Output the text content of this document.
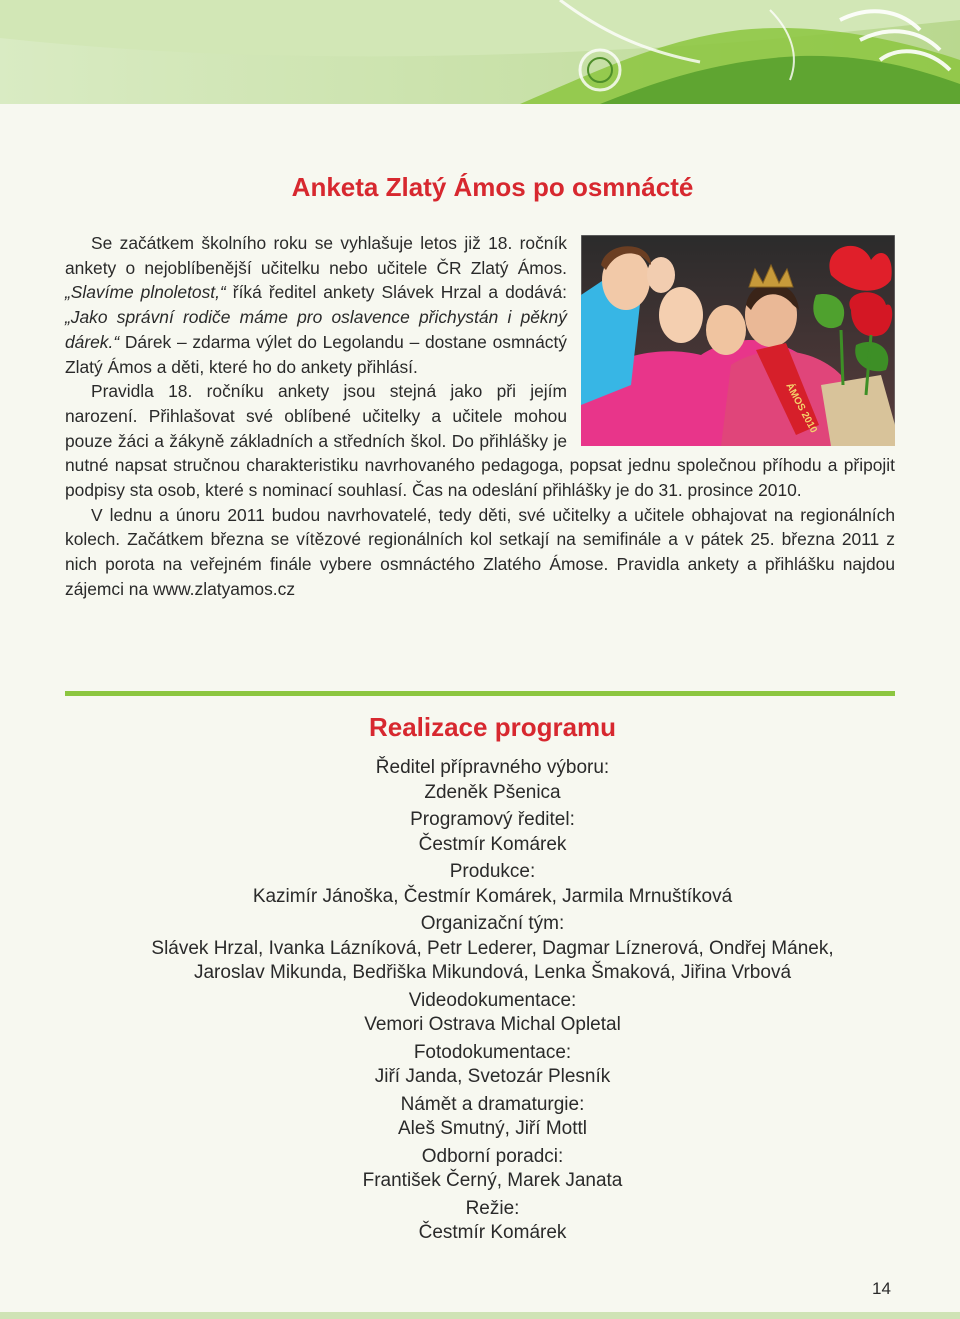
Anketa Zlatý Ámos po osmnácté
ÁMOS 2010

Se začátkem školního roku se vyhlašuje letos již 18. ročník ankety o nejoblíbenější učitelku nebo učitele ČR Zlatý Ámos. „Slavíme plnoletost,“ říká ředitel ankety Slávek Hrzal a dodává: „Jako správní rodiče máme pro oslavence přichystán i pěkný dárek.“ Dárek – zdarma výlet do Legolandu – dostane osmnáctý Zlatý Ámos a děti, které ho do ankety přihlásí.

Pravidla 18. ročníku ankety jsou stejná jako při jejím narození. Přihlašovat své oblíbené učitelky a učitele mohou pouze žáci a žákyně základních a středních škol. Do přihlášky je nutné napsat stručnou charakteristiku navrhovaného pedagoga, popsat jednu společnou příhodu a připojit podpisy sta osob, které s nominací souhlasí. Čas na odeslání přihlášky je do 31. prosince 2010.

V lednu a únoru 2011 budou navrhovatelé, tedy děti, své učitelky a učitele obhajovat na regionálních kolech. Začátkem března se vítězové regionálních kol setkají na semifinále a v pátek 25. března 2011 z nich porota na veřejném finále vybere osmnáctého Zlatého Ámose. Pravidla ankety a přihlášku najdou zájemci na www.zlatyamos.cz

Realizace programu
Ředitel přípravného výboru:
Zdeněk Pšenica
Programový ředitel:
Čestmír Komárek
Produkce:
Kazimír Jánoška, Čestmír Komárek, Jarmila Mrnuštíková
Organizační tým:
Slávek Hrzal, Ivanka Lázníková, Petr Lederer, Dagmar Líznerová, Ondřej Mánek,
Jaroslav Mikunda, Bedřiška Mikundová, Lenka Šmaková, Jiřina Vrbová
Videodokumentace:
Vemori Ostrava Michal Opletal
Fotodokumentace:
Jiří Janda, Svetozár Plesník
Námět a dramaturgie:
Aleš Smutný, Jiří Mottl
Odborní poradci:
František Černý, Marek Janata
Režie:
Čestmír Komárek
14
